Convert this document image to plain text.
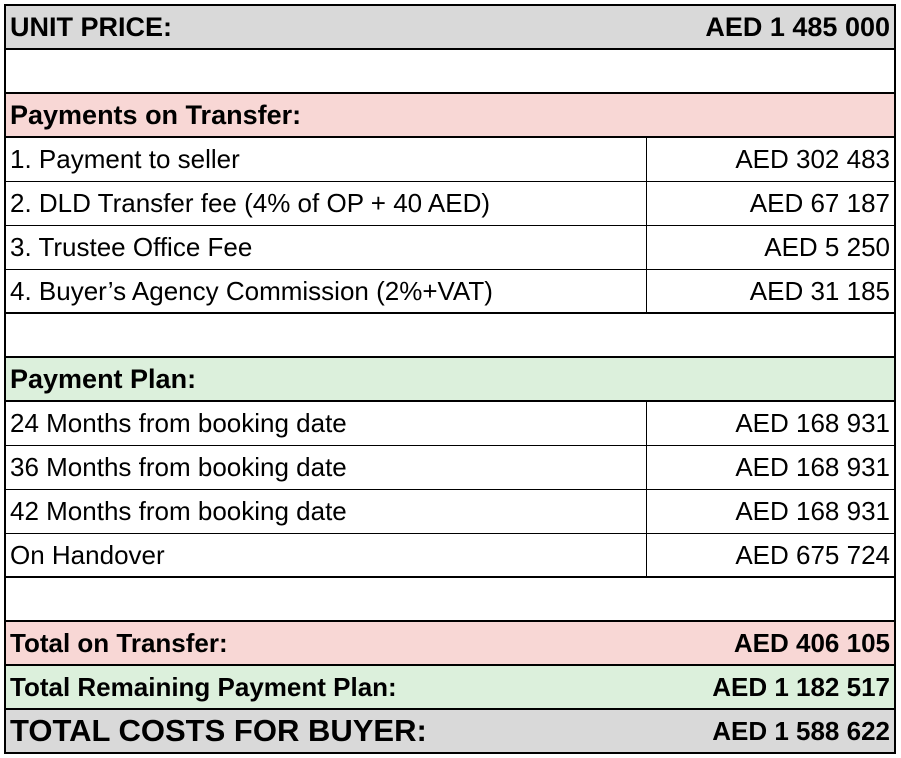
UNIT PRICE:	AED 1 485 000
Payments on Transfer:
1. Payment to seller	AED 302 483
2. DLD Transfer fee (4% of OP + 40 AED)	AED 67 187
3. Trustee Office Fee	AED 5 250
4. Buyer’s Agency Commission (2%+VAT)	AED 31 185
Payment Plan:
24 Months from booking date	AED 168 931
36 Months from booking date	AED 168 931
42 Months from booking date	AED 168 931
On Handover	AED 675 724
Total on Transfer:	AED 406 105
Total Remaining Payment Plan:	AED 1 182 517
TOTAL COSTS FOR BUYER:	AED 1 588 622
